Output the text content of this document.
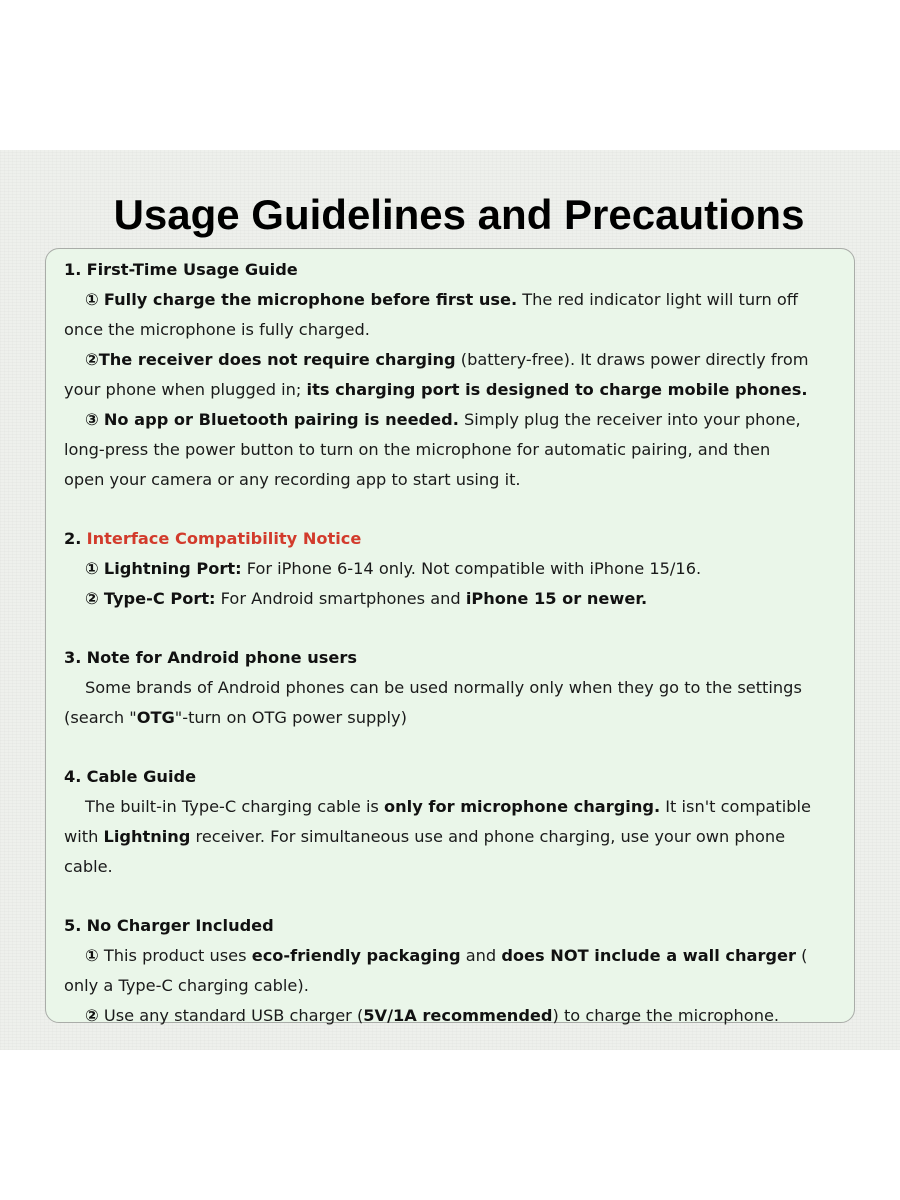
Usage Guidelines and Precautions
1. First-Time Usage Guide
① Fully charge the microphone before first use. The red indicator light will turn off
once the microphone is fully charged.
②The receiver does not require charging (battery-free). It draws power directly from
your phone when plugged in; its charging port is designed to charge mobile phones.
③ No app or Bluetooth pairing is needed. Simply plug the receiver into your phone,
long-press the power button to turn on the microphone for automatic pairing, and then
open your camera or any recording app to start using it.
2. Interface Compatibility Notice
① Lightning Port: For iPhone 6-14 only. Not compatible with iPhone 15/16.
② Type-C Port: For Android smartphones and iPhone 15 or newer.
3. Note for Android phone users
Some brands of Android phones can be used normally only when they go to the settings
(search "OTG"-turn on OTG power supply)
4. Cable Guide
The built-in Type-C charging cable is only for microphone charging. It isn't compatible
with Lightning receiver. For simultaneous use and phone charging, use your own phone
cable.
5. No Charger Included
① This product uses eco-friendly packaging and does NOT include a wall charger (
only a Type-C charging cable).
② Use any standard USB charger (5V/1A recommended) to charge the microphone.
